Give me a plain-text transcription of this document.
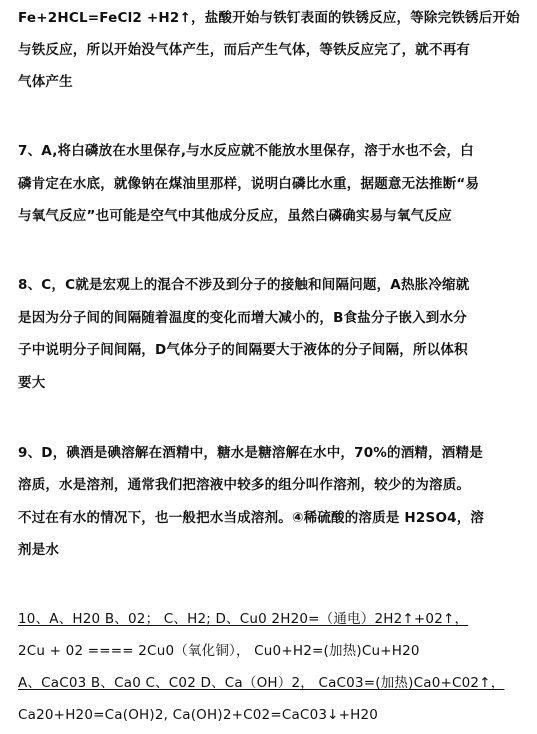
Fe+2HCL=FeCl2 +H2↑，盐酸开始与铁钉表面的铁锈反应，等除完铁锈后开始
与铁反应，所以开始没气体产生，而后产生气体，等铁反应完了，就不再有
气体产生
7、A,将白磷放在水里保存,与水反应就不能放水里保存，溶于水也不会，白
磷肯定在水底，就像钠在煤油里那样，说明白磷比水重，据题意无法推断“易
与氧气反应”也可能是空气中其他成分反应，虽然白磷确实易与氧气反应
8、C，C就是宏观上的混合不涉及到分子的接触和间隔问题，A热胀冷缩就
是因为分子间的间隔随着温度的变化而增大减小的，B食盐分子嵌入到水分
子中说明分子间间隔，D气体分子的间隔要大于液体的分子间隔，所以体积
要大
9、D，碘酒是碘溶解在酒精中，糖水是糖溶解在水中，70%的酒精，酒精是
溶质，水是溶剂，通常我们把溶液中较多的组分叫作溶剂，较少的为溶质。
不过在有水的情况下，也一般把水当成溶剂。④稀硫酸的溶质是 H2SO4，溶
剂是水
10、A、H20 B、02； C、H2; D、Cu0 2H20=（通电）2H2↑+02↑，
2Cu + 02 ==== 2Cu0（氧化铜）， Cu0+H2=(加热)Cu+H20
A、CaC03 B、Ca0 C、C02 D、Ca（OH）2， CaC03=(加热)Ca0+C02↑，
Ca20+H20=Ca(OH)2, Ca(OH)2+C02=CaC03↓+H20
